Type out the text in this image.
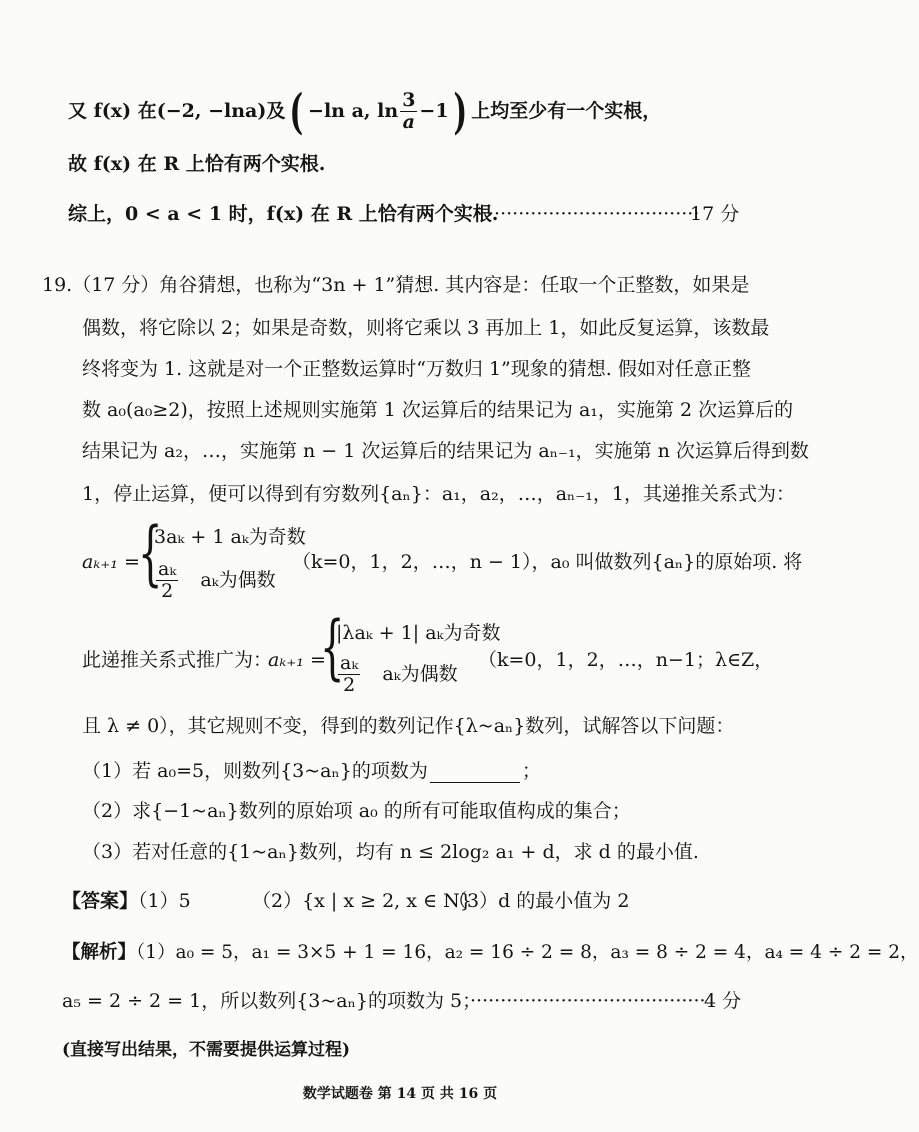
又 f(x) 在(−2, −lna)及( −ln a, $\ln \frac{3}{a} -1$) 上均至少有一个实根，
故 f(x) 在 R 上恰有两个实根.
综上，0 < a < 1 时，f(x) 在 R 上恰有两个实根.
···································
17 分
19.（17 分）角谷猜想，也称为“3n + 1”猜想. 其内容是：任取一个正整数，如果是
偶数，将它除以 2；如果是奇数，则将它乘以 3 再加上 1，如此反复运算，该数最
终将变为 1. 这就是对一个正整数运算时“万数归 1”现象的猜想. 假如对任意正整
数 a₀(a₀≥2)，按照上述规则实施第 1 次运算后的结果记为 a₁，实施第 2 次运算后的
结果记为 a₂，…，实施第 n − 1 次运算后的结果记为 aₙ₋₁，实施第 n 次运算后得到数
1，停止运算，便可以得到有穷数列{aₙ}：a₁，a₂，…，aₙ₋₁，1，其递推关系式为：
aₖ₊₁ =
{
3aₖ + 1 aₖ为奇数
$\frac{\text{aₖ}}{2}$ aₖ为偶数
（k=0，1，2，…，n − 1），a₀ 叫做数列{aₙ}的原始项. 将
此递推关系式推广为：
aₖ₊₁ =
{
|λaₖ + 1| aₖ为奇数
$\frac{\text{aₖ}}{2}$ aₖ为偶数
（k=0，1，2，…，n−1；λ∈Z，
且 λ ≠ 0），其它规则不变，得到的数列记作{λ~aₙ}数列，试解答以下问题：
（1）若 a₀=5，则数列{3~aₙ}的项数为	；
（2）求{−1~aₙ}数列的原始项 a₀ 的所有可能取值构成的集合；
（3）若对任意的{1~aₙ}数列，均有 n ≤ 2log₂ a₁ + d，求 d 的最小值.
【答案】（1）5	（2）{x | x ≥ 2, x ∈ N}
（3）d 的最小值为 2
【解析】（1）a₀ = 5，a₁ = 3×5 + 1 = 16，a₂ = 16 ÷ 2 = 8，a₃ = 8 ÷ 2 = 4，a₄ = 4 ÷ 2 = 2，
a₅ = 2 ÷ 2 = 1，所以数列{3~aₙ}的项数为 5；
·······································
4 分
(直接写出结果，不需要提供运算过程)
数学试题卷 第 14 页 共 16 页
